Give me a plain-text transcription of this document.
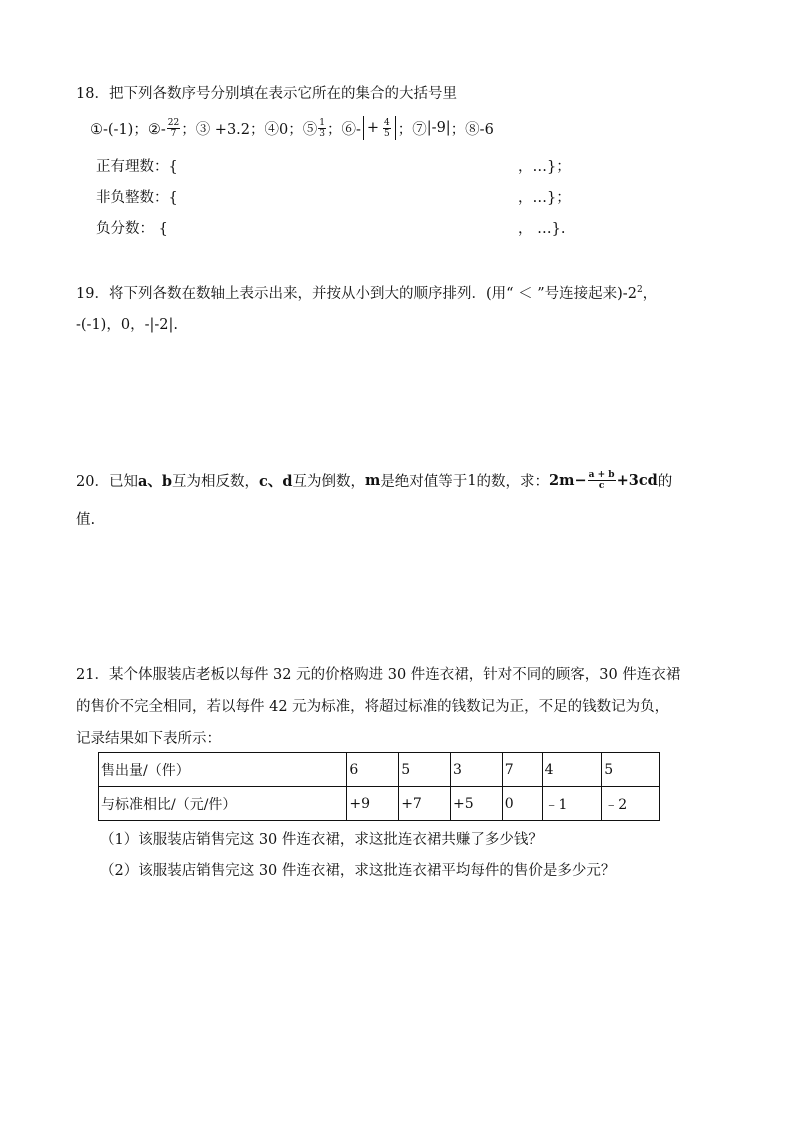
18．把下列各数序号分别填在表示它所在的集合的大括号里
①-(-1)；②- $\frac{22}{7}$ ；③ +3.2；④0；⑤ $\frac{1}{3}$ ；⑥- + $\frac{4}{5}$ ；⑦ |-9| ；⑧-6
正有理数：{	，…}；
非负整数：{	，…}；
负分数： {	， …}.
19．将下列各数在数轴上表示出来，并按从小到大的顺序排列．(用“ ＜ ”号连接起来)$-2^2$，
-(-1)，0，-|-2|.
20．已知 a、b 互为相反数， c、d 互为倒数， m 是绝对值等于 1 的数，求： $2m- \frac{a + b}{c} +3cd$ 的
值.
21．某个体服装店老板以每件 32 元的价格购进 30 件连衣裙，针对不同的顾客，30 件连衣裙
的售价不完全相同，若以每件 42 元为标准，将超过标准的钱数记为正，不足的钱数记为负，
记录结果如下表所示：
售出量/（件）	6	5	3	7	4	5
与标准相比/（元/件）	+9	+7	+5	0	﹣1	﹣2
（1）该服装店销售完这 30 件连衣裙，求这批连衣裙共赚了多少钱？
（2）该服装店销售完这 30 件连衣裙，求这批连衣裙平均每件的售价是多少元？
